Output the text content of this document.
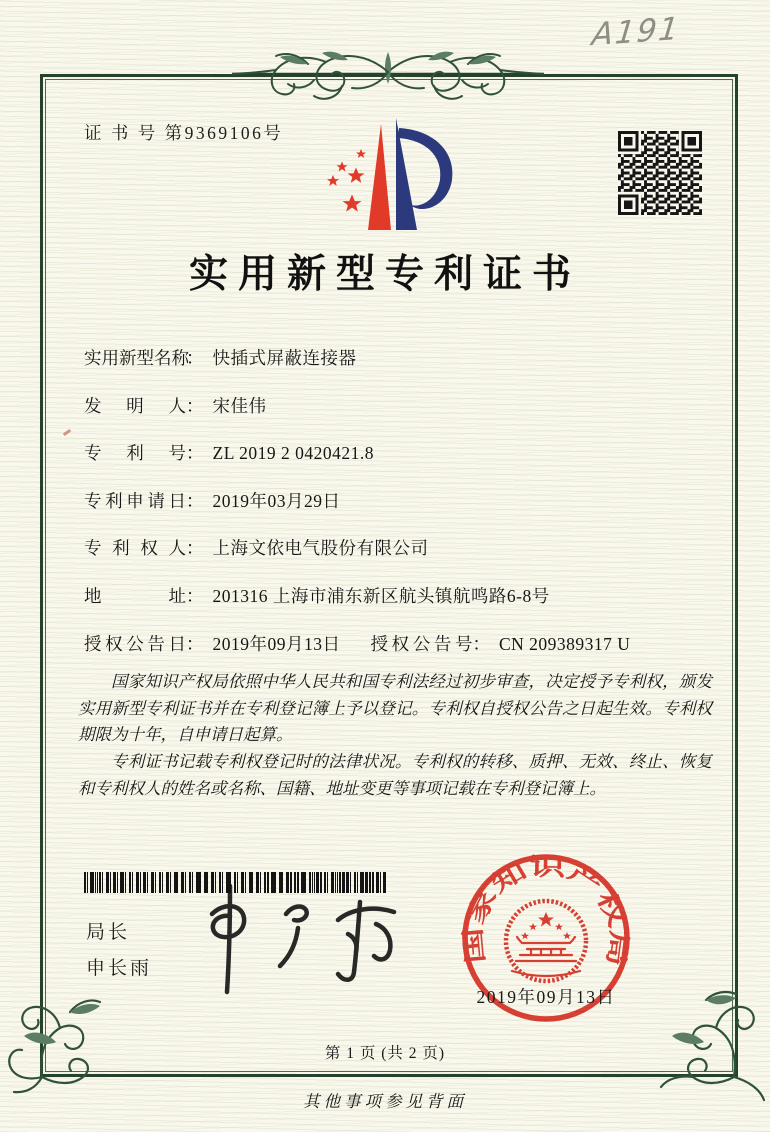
A191
证 书 号 第9369106号
实用新型专利证书
实用新型名称
： 快插式屏蔽连接器
发明人 ： 宋佳伟
专利号 ： ZL 2019 2 0420421.8
专利申请日 ： 2019年03月29日
专利权人 ： 上海文依电气股份有限公司
地址 ： 201316 上海市浦东新区航头镇航鸣路6-8号
授权公告日 ： 2019年09月13日 授权公告号 ： CN 209389317 U

国家知识产权局依照中华人民共和国专利法经过初步审查，决定授予专利权，颁发实用新型专利证书并在专利登记簿上予以登记。专利权自授权公告之日起生效。专利权期限为十年，自申请日起算。

专利证书记载专利权登记时的法律状况。专利权的转移、质押、无效、终止、恢复和专利权人的姓名或名称、国籍、地址变更等事项记载在专利登记簿上。

局长
申长雨
国家知识产权局
2019年09月13日
第 1 页 (共 2 页)
其他事项参见背面
